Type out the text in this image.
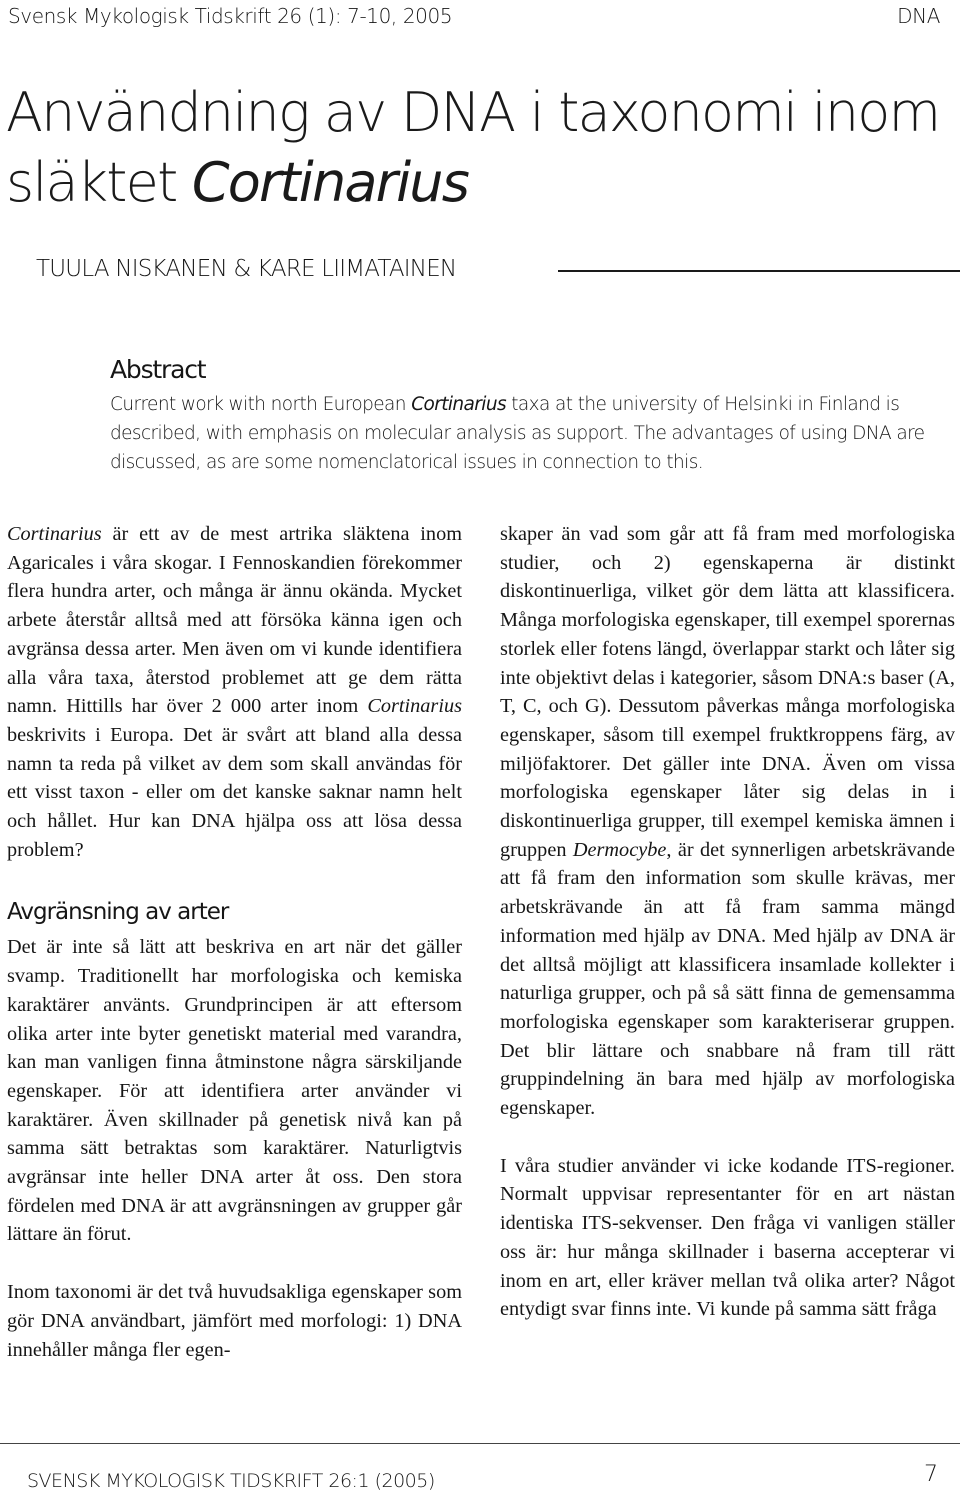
Svensk Mykologisk Tidskrift 26 (1): 7-10, 2005	DNA
Användning av DNA i taxonomi inom
släktet Cortinarius
TUULA NISKANEN & KARE LIIMATAINEN
Abstract

Current work with north European Cortinarius taxa at the university of Helsinki in Finland is described, with emphasis on molecular analysis as support. The advantages of using DNA are discussed, as are some nomenclatorical issues in connection to this.

Cortinarius är ett av de mest artrika släktena inom Agaricales i våra skogar. I Fennoskandien förekommer flera hundra arter, och många är ännu okända. Mycket arbete återstår alltså med att försöka känna igen och avgränsa dessa arter. Men även om vi kunde identifiera alla våra taxa, återstod problemet att ge dem rätta namn. Hittills har över 2 000 arter inom Cortinarius beskrivits i Europa. Det är svårt att bland alla dessa namn ta reda på vilket av dem som skall användas för ett visst taxon - eller om det kanske saknar namn helt och hållet. Hur kan DNA hjälpa oss att lösa dessa problem?

Avgränsning av arter

Det är inte så lätt att beskriva en art när det gäller svamp. Traditionellt har morfologiska och kemiska karaktärer använts. Grundprincipen är att eftersom olika arter inte byter genetiskt material med varandra, kan man vanligen finna åtminstone några särskiljande egenskaper. För att identifiera arter använder vi karaktärer. Även skillnader på genetisk nivå kan på samma sätt betraktas som karaktärer. Naturligtvis avgränsar inte heller DNA arter åt oss. Den stora fördelen med DNA är att avgränsningen av grupper går lättare än förut.

Inom taxonomi är det två huvudsakliga egenskaper som gör DNA användbart, jämfört med morfologi: 1) DNA innehåller många fler egen-

skaper än vad som går att få fram med morfologiska studier, och 2) egenskaperna är distinkt diskontinuerliga, vilket gör dem lätta att klassificera. Många morfologiska egenskaper, till exempel sporernas storlek eller fotens längd, överlappar starkt och låter sig inte objektivt delas i kategorier, såsom DNA:s baser (A, T, C, och G). Dessutom påverkas många morfologiska egenskaper, såsom till exempel fruktkroppens färg, av miljöfaktorer. Det gäller inte DNA. Även om vissa morfologiska egenskaper låter sig delas in i diskontinuerliga grupper, till exempel kemiska ämnen i gruppen Dermocybe, är det synnerligen arbetskrävande att få fram den information som skulle krävas, mer arbetskrävande än att få fram samma mängd information med hjälp av DNA. Med hjälp av DNA är det alltså möjligt att klassificera insamlade kollekter i naturliga grupper, och på så sätt finna de gemensamma morfologiska egenskaper som karakteriserar gruppen. Det blir lättare och snabbare nå fram till rätt gruppindelning än bara med hjälp av morfologiska egenskaper.

I våra studier använder vi icke kodande ITS-regioner. Normalt uppvisar representanter för en art nästan identiska ITS-sekvenser. Den fråga vi vanligen ställer oss är: hur många skillnader i baserna accepterar vi inom en art, eller kräver mellan två olika arter? Något entydigt svar finns inte. Vi kunde på samma sätt fråga

SVENSK MYKOLOGISK TIDSKRIFT 26:1 (2005)	7
